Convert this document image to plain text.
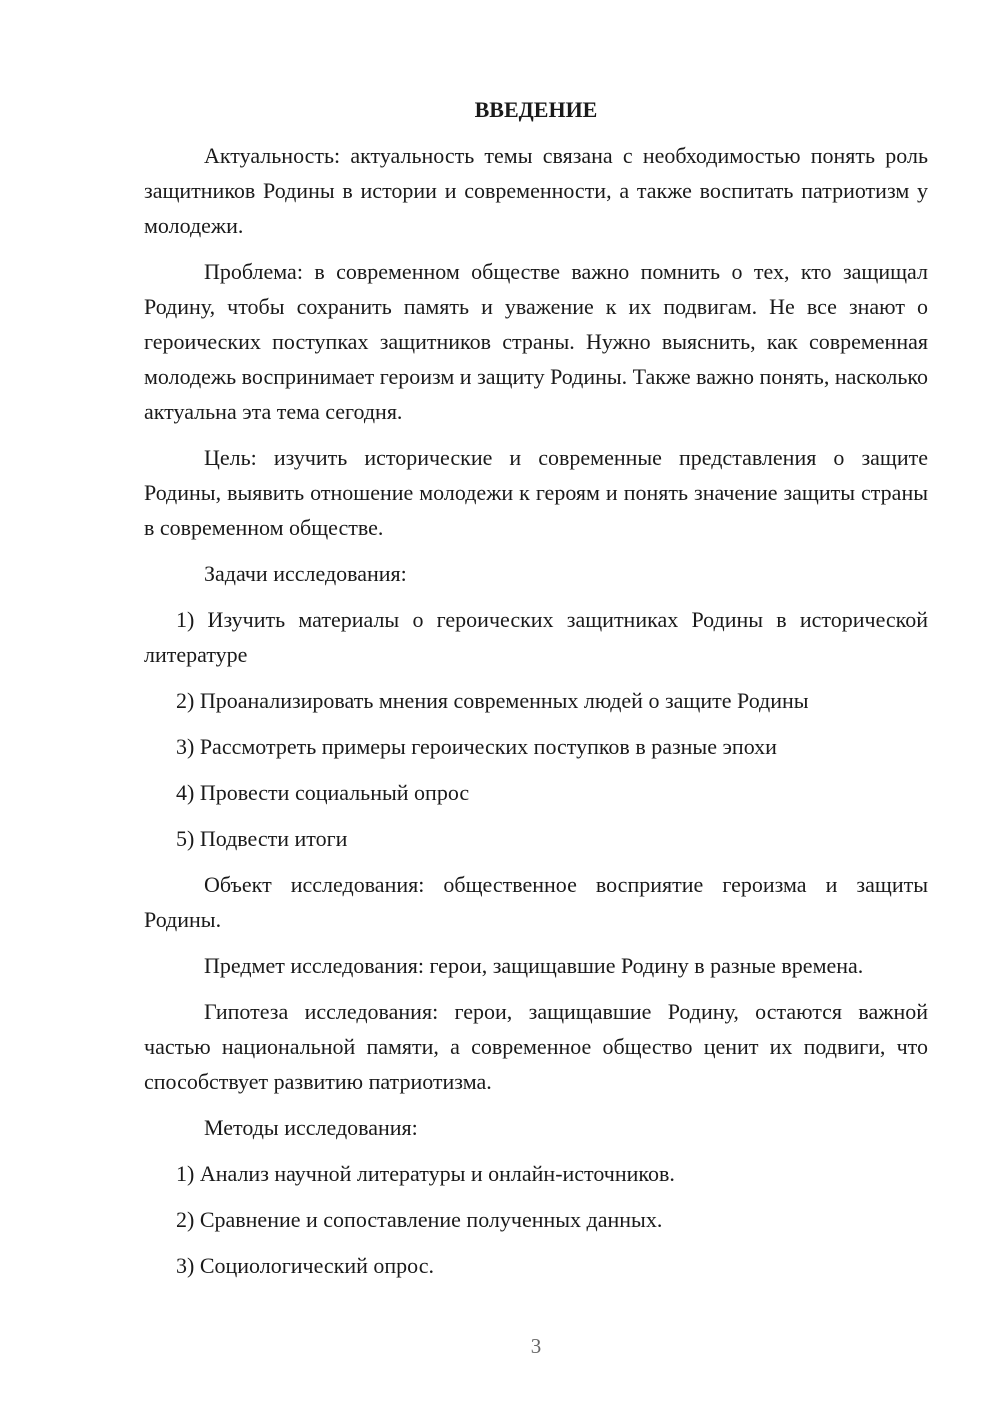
ВВЕДЕНИЕ

Актуальность: актуальность темы связана с необходимостью понять роль защитников Родины в истории и современности, а также воспитать патриотизм у молодежи.

Проблема: в современном обществе важно помнить о тех, кто защищал Родину, чтобы сохранить память и уважение к их подвигам. Не все знают о героических поступках защитников страны. Нужно выяснить, как современная молодежь воспринимает героизм и защиту Родины. Также важно понять, насколько актуальна эта тема сегодня.

Цель: изучить исторические и современные представления о защите Родины, выявить отношение молодежи к героям и понять значение защиты страны в современном обществе.

Задачи исследования:

1) Изучить материалы о героических защитниках Родины в исторической литературе

2) Проанализировать мнения современных людей о защите Родины

3) Рассмотреть примеры героических поступков в разные эпохи

4) Провести социальный опрос

5) Подвести итоги

Объект исследования: общественное восприятие героизма и защиты Родины.

Предмет исследования: герои, защищавшие Родину в разные времена.

Гипотеза исследования: герои, защищавшие Родину, остаются важной частью национальной памяти, а современное общество ценит их подвиги, что способствует развитию патриотизма.

Методы исследования:

1) Анализ научной литературы и онлайн-источников.

2) Сравнение и сопоставление полученных данных.

3) Социологический опрос.

3
